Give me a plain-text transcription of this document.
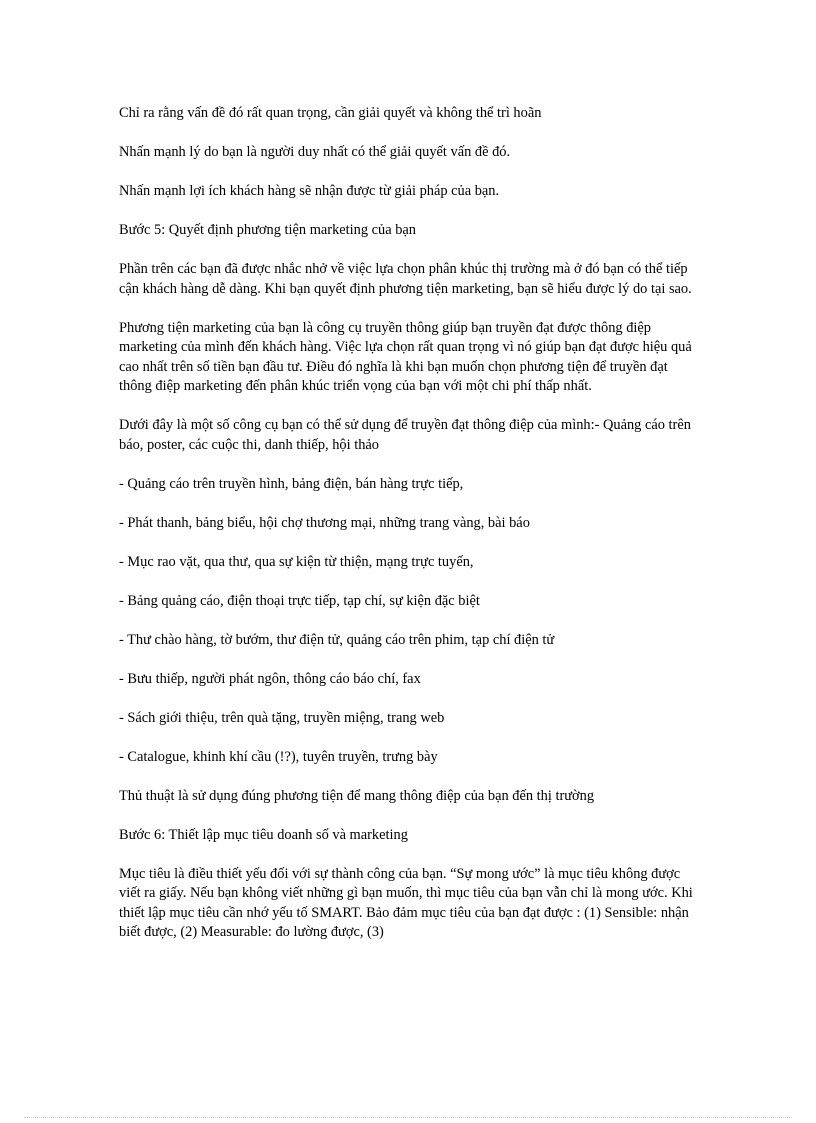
Chỉ ra rằng vấn đề đó rất quan trọng, cần giải quyết và không thể trì hoãn

Nhấn mạnh lý do bạn là người duy nhất có thể giải quyết vấn đề đó.

Nhấn mạnh lợi ích khách hàng sẽ nhận được từ giải pháp của bạn.

Bước 5: Quyết định phương tiện marketing của bạn

Phần trên các bạn đã được nhắc nhở về việc lựa chọn phân khúc thị trường mà ở đó bạn có thể tiếp cận khách hàng dễ dàng. Khi bạn quyết định phương tiện marketing, bạn sẽ hiểu được lý do tại sao.

Phương tiện marketing của bạn là công cụ truyền thông giúp bạn truyền đạt được thông điệp marketing của mình đến khách hàng. Việc lựa chọn rất quan trọng vì nó giúp bạn đạt được hiệu quả cao nhất trên số tiền bạn đầu tư. Điều đó nghĩa là khi bạn muốn chọn phương tiện để truyền đạt thông điệp marketing đến phân khúc triển vọng của bạn với một chi phí thấp nhất.

Dưới đây là một số công cụ bạn có thể sử dụng để truyền đạt thông điệp của mình:- Quảng cáo trên báo, poster, các cuộc thi, danh thiếp, hội thảo

- Quảng cáo trên truyền hình, bảng điện, bán hàng trực tiếp,

- Phát thanh, bảng biểu, hội chợ thương mại, những trang vàng, bài báo

- Mục rao vặt, qua thư, qua sự kiện từ thiện, mạng trực tuyến,

- Bảng quảng cáo, điện thoại trực tiếp, tạp chí, sự kiện đặc biệt

- Thư chào hàng, tờ bướm, thư điện tử, quảng cáo trên phim, tạp chí điện tử

- Bưu thiếp, người phát ngôn, thông cáo báo chí, fax

- Sách giới thiệu, trên quà tặng, truyền miệng, trang web

- Catalogue, khinh khí cầu (!?), tuyên truyền, trưng bày

Thủ thuật là sử dụng đúng phương tiện để mang thông điệp của bạn đến thị trường

Bước 6: Thiết lập mục tiêu doanh số và marketing

Mục tiêu là điều thiết yếu đối với sự thành công của bạn. “Sự mong ước” là mục tiêu không được viết ra giấy. Nếu bạn không viết những gì bạn muốn, thì mục tiêu của bạn vẫn chỉ là mong ước. Khi thiết lập mục tiêu cần nhớ yếu tố SMART. Bảo đảm mục tiêu của bạn đạt được : (1) Sensible: nhận biết được, (2) Measurable: đo lường được, (3)
